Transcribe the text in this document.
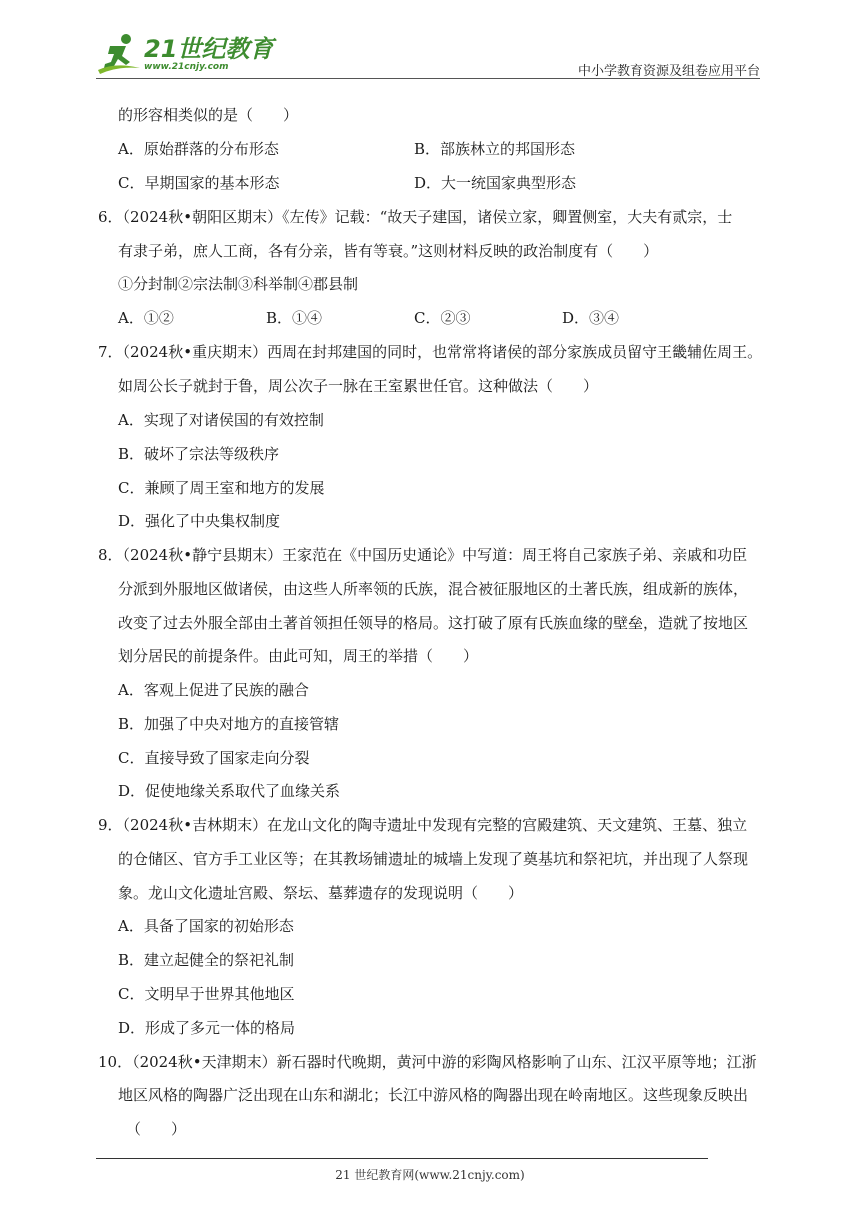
21世纪教育
www.21cnjy.com	中小学教育资源及组卷应用平台
的形容相类似的是（　　）
A．原始群落的分布形态	B．部族林立的邦国形态
C．早期国家的基本形态	D．大一统国家典型形态
6．（2024秋•朝阳区期末）《左传》记载：“故天子建国，诸侯立家，卿置侧室，大夫有贰宗，士
有隶子弟，庶人工商，各有分亲，皆有等衰。”这则材料反映的政治制度有（　　）
①分封制②宗法制③科举制④郡县制
A．①②	B．①④	C．②③	D．③④
7．（2024秋•重庆期末）西周在封邦建国的同时，也常常将诸侯的部分家族成员留守王畿辅佐周王。
如周公长子就封于鲁，周公次子一脉在王室累世任官。这种做法（　　）
A．实现了对诸侯国的有效控制
B．破坏了宗法等级秩序
C．兼顾了周王室和地方的发展
D．强化了中央集权制度
8．（2024秋•静宁县期末）王家范在《中国历史通论》中写道：周王将自己家族子弟、亲戚和功臣
分派到外服地区做诸侯，由这些人所率领的氏族，混合被征服地区的土著氏族，组成新的族体，
改变了过去外服全部由土著首领担任领导的格局。这打破了原有氏族血缘的壁垒，造就了按地区
划分居民的前提条件。由此可知，周王的举措（　　）
A．客观上促进了民族的融合
B．加强了中央对地方的直接管辖
C．直接导致了国家走向分裂
D．促使地缘关系取代了血缘关系
9．（2024秋•吉林期末）在龙山文化的陶寺遗址中发现有完整的宫殿建筑、天文建筑、王墓、独立
的仓储区、官方手工业区等；在其教场铺遗址的城墙上发现了奠基坑和祭祀坑，并出现了人祭现
象。龙山文化遗址宫殿、祭坛、墓葬遗存的发现说明（　　）
A．具备了国家的初始形态
B．建立起健全的祭祀礼制
C．文明早于世界其他地区
D．形成了多元一体的格局
10．（2024秋•天津期末）新石器时代晚期，黄河中游的彩陶风格影响了山东、江汉平原等地；江浙
地区风格的陶器广泛出现在山东和湖北；长江中游风格的陶器出现在岭南地区。这些现象反映出
（　　）
21 世纪教育网(www.21cnjy.com)
